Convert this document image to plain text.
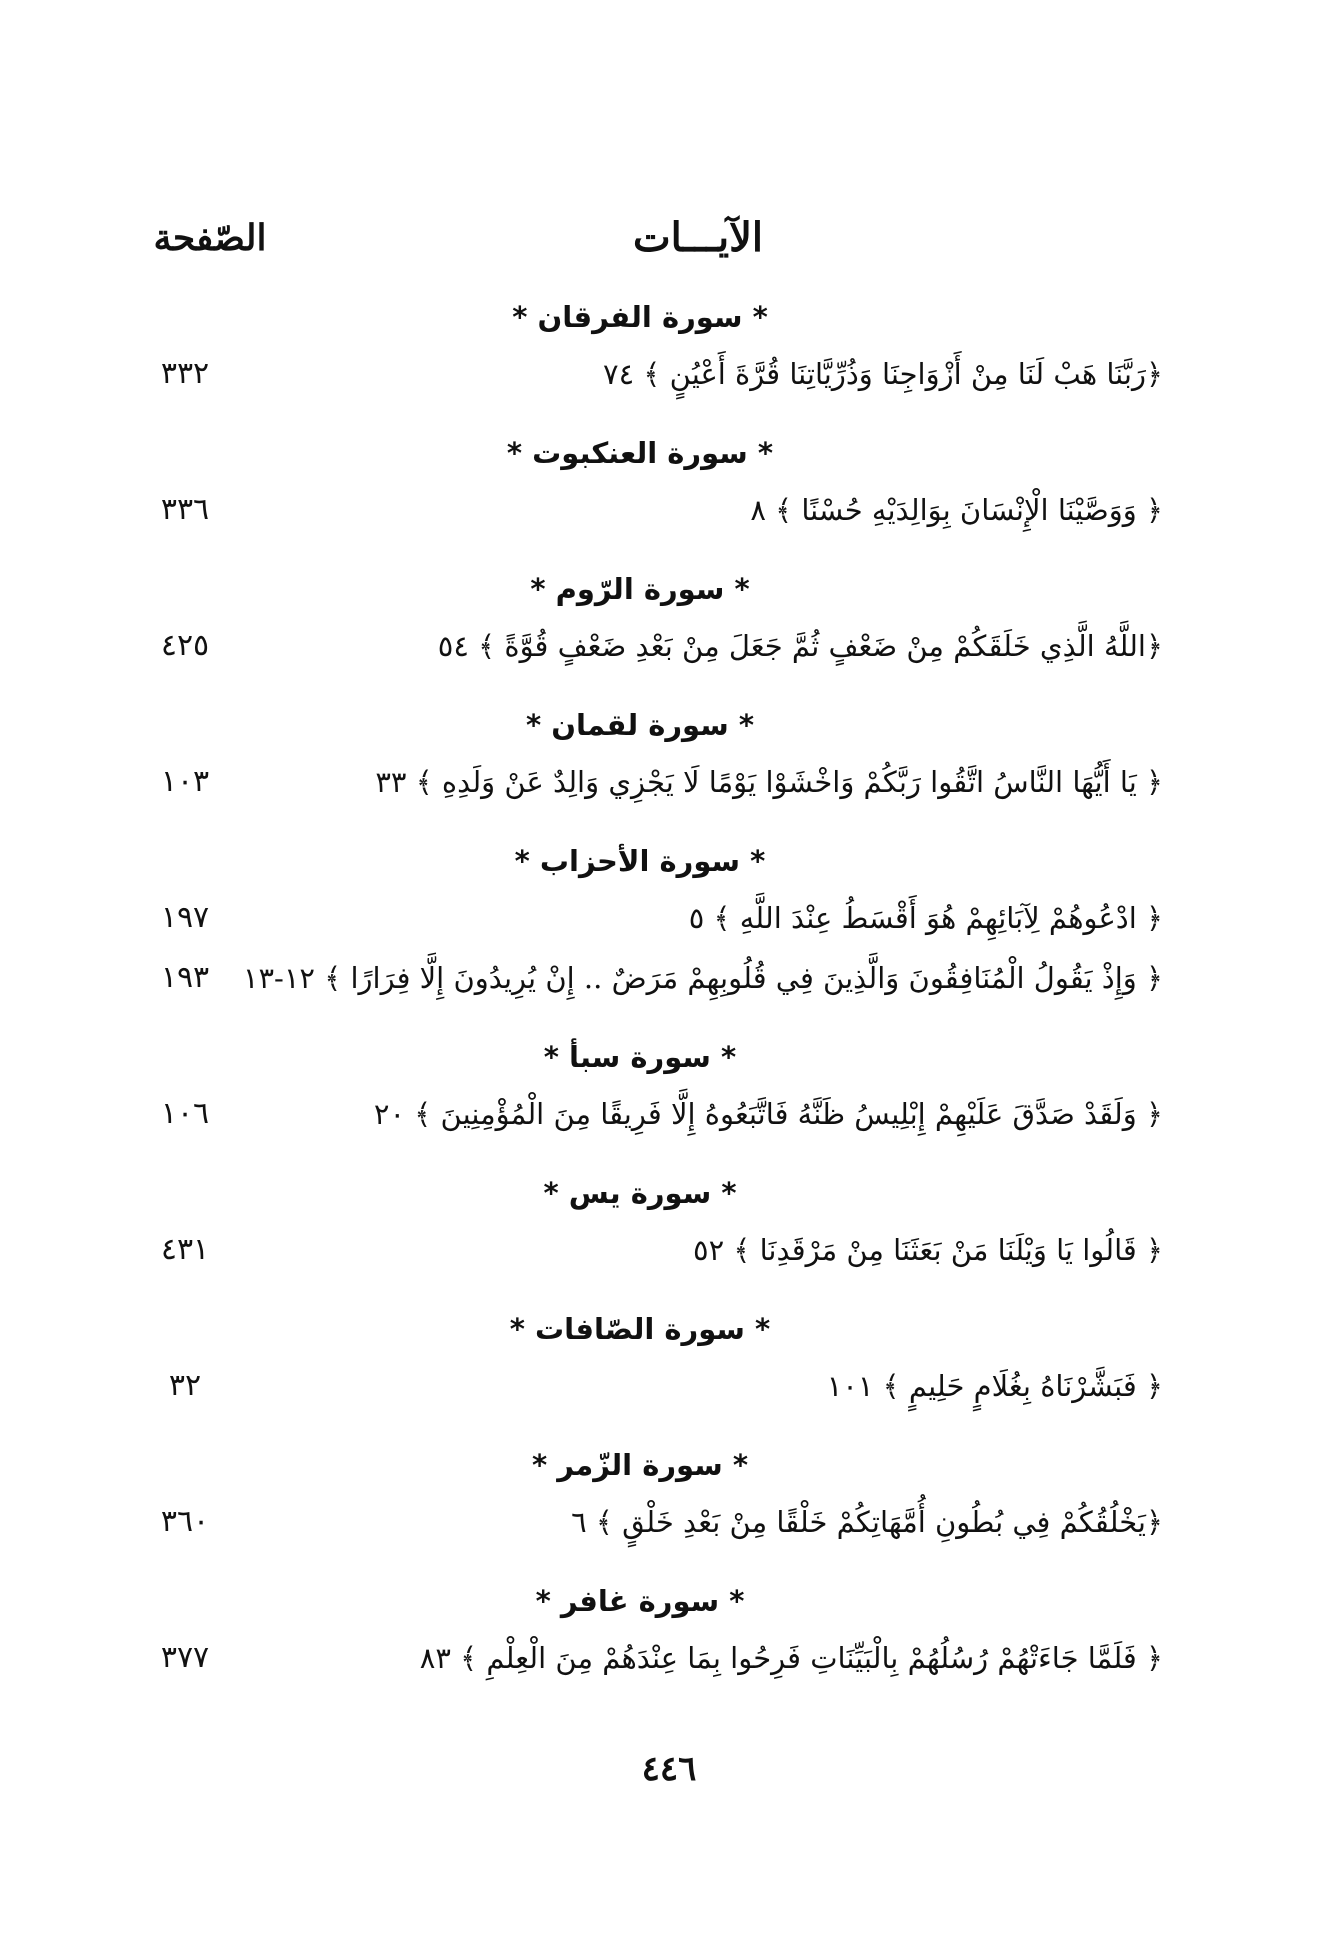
الآيـــات
الصّفحة
* سورة الفرقان *
﴿رَبَّنَا هَبْ لَنَا مِنْ أَزْوَاجِنَا وَذُرِّيَّاتِنَا قُرَّةَ أَعْيُنٍ ﴾ ٧٤
٣٣٢
* سورة العنكبوت *
﴿ وَوَصَّيْنَا الْإِنْسَانَ بِوَالِدَيْهِ حُسْنًا ﴾ ٨
٣٣٦
* سورة الرّوم *
﴿اللَّهُ الَّذِي خَلَقَكُمْ مِنْ ضَعْفٍ ثُمَّ جَعَلَ مِنْ بَعْدِ ضَعْفٍ قُوَّةً ﴾ ٥٤
٤٢٥
* سورة لقمان *
﴿ يَا أَيُّهَا النَّاسُ اتَّقُوا رَبَّكُمْ وَاخْشَوْا يَوْمًا لَا يَجْزِي وَالِدٌ عَنْ وَلَدِهِ ﴾ ٣٣
١٠٣
* سورة الأحزاب *
﴿ ادْعُوهُمْ لِآبَائِهِمْ هُوَ أَقْسَطُ عِنْدَ اللَّهِ ﴾ ٥
١٩٧
﴿ وَإِذْ يَقُولُ الْمُنَافِقُونَ وَالَّذِينَ فِي قُلُوبِهِمْ مَرَضٌ .. إِنْ يُرِيدُونَ إِلَّا فِرَارًا ﴾ ١٢-١٣
١٩٣
* سورة سبأ *
﴿ وَلَقَدْ صَدَّقَ عَلَيْهِمْ إِبْلِيسُ ظَنَّهُ فَاتَّبَعُوهُ إِلَّا فَرِيقًا مِنَ الْمُؤْمِنِينَ ﴾ ٢٠
١٠٦
* سورة يس *
﴿ قَالُوا يَا وَيْلَنَا مَنْ بَعَثَنَا مِنْ مَرْقَدِنَا ﴾ ٥٢
٤٣١
* سورة الصّافات *
﴿ فَبَشَّرْنَاهُ بِغُلَامٍ حَلِيمٍ ﴾ ١٠١
٣٢
* سورة الزّمر *
﴿يَخْلُقُكُمْ فِي بُطُونِ أُمَّهَاتِكُمْ خَلْقًا مِنْ بَعْدِ خَلْقٍ ﴾ ٦
٣٦٠
* سورة غافر *
﴿ فَلَمَّا جَاءَتْهُمْ رُسُلُهُمْ بِالْبَيِّنَاتِ فَرِحُوا بِمَا عِنْدَهُمْ مِنَ الْعِلْمِ ﴾ ٨٣
٣٧٧
٤٤٦
